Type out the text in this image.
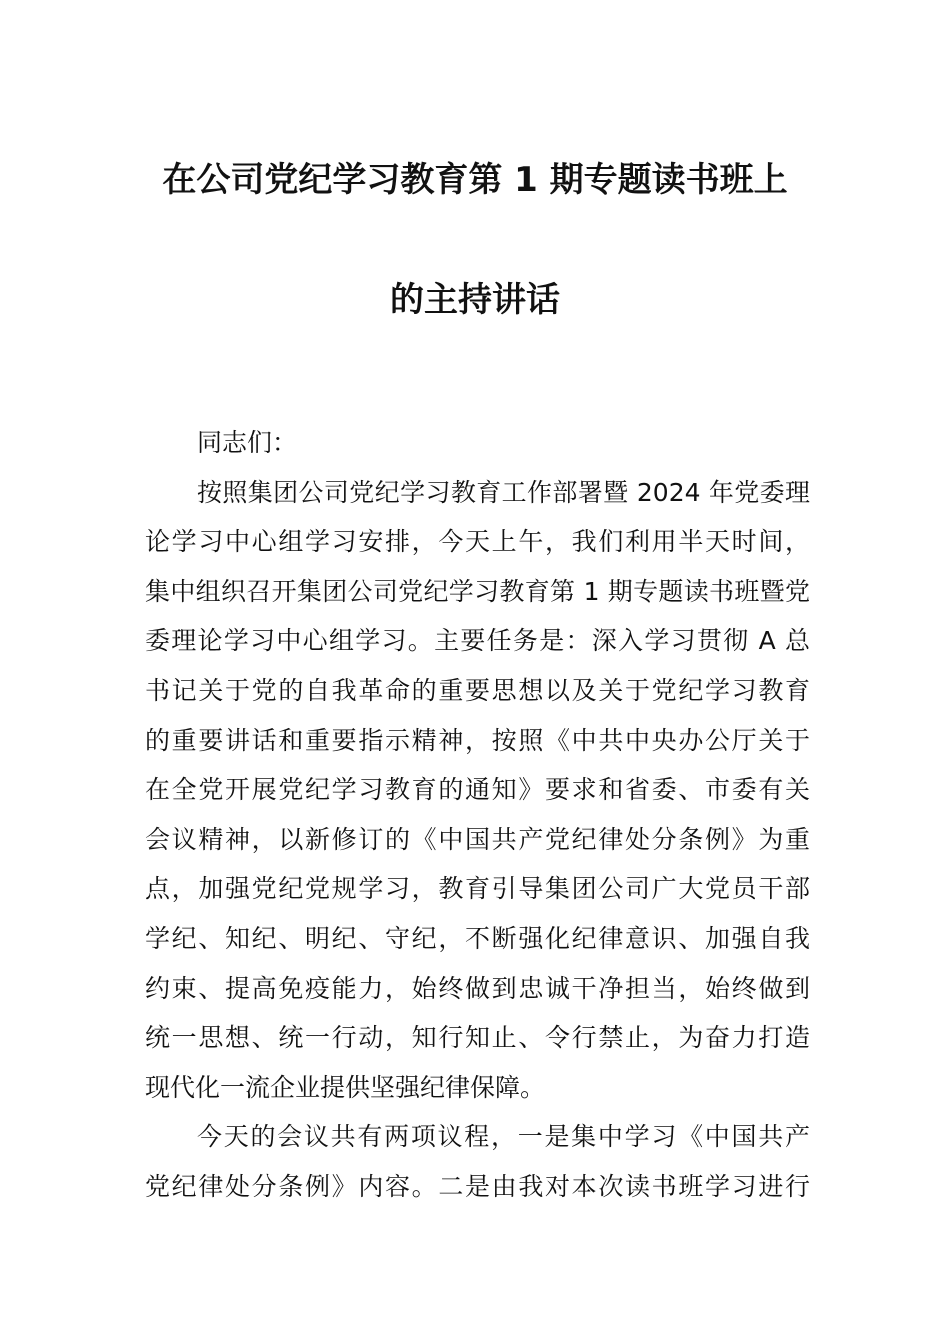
在公司党纪学习教育第 1 期专题读书班上
的主持讲话
同志们：
按照集团公司党纪学习教育工作部署暨 2024 年党委理
论学习中心组学习安排，今天上午，我们利用半天时间，
集中组织召开集团公司党纪学习教育第 1 期专题读书班暨党
委理论学习中心组学习。主要任务是：深入学习贯彻 A 总
书记关于党的自我革命的重要思想以及关于党纪学习教育
的重要讲话和重要指示精神，按照《中共中央办公厅关于
在全党开展党纪学习教育的通知》要求和省委、市委有关
会议精神，以新修订的《中国共产党纪律处分条例》为重
点，加强党纪党规学习，教育引导集团公司广大党员干部
学纪、知纪、明纪、守纪，不断强化纪律意识、加强自我
约束、提高免疫能力，始终做到忠诚干净担当，始终做到
统一思想、统一行动，知行知止、令行禁止，为奋力打造
现代化一流企业提供坚强纪律保障。
今天的会议共有两项议程，一是集中学习《中国共产
党纪律处分条例》内容。二是由我对本次读书班学习进行
